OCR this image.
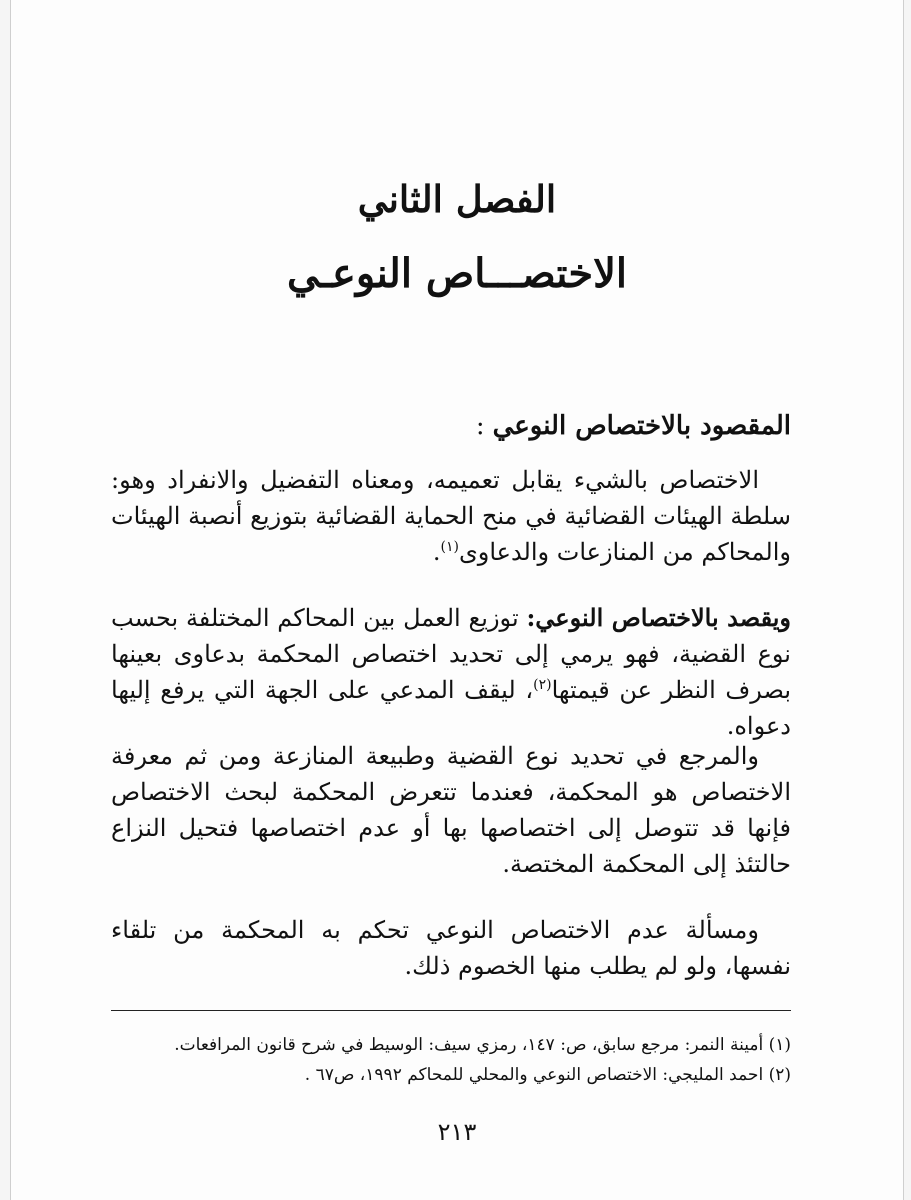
الفصل الثاني
الاختصـــاص النوعـي

المقصود بالاختصاص النوعي:

الاختصاص بالشيء يقابل تعميمه، ومعناه التفضيل والانفراد وهو: سلطة الهيئات القضائية في منح الحماية القضائية بتوزيع أنصبة الهيئات والمحاكم من المنازعات والدعاوى$^{(١)}$.

ويقصد بالاختصاص النوعي: توزيع العمل بين المحاكم المختلفة بحسب نوع القضية، فهو يرمي إلى تحديد اختصاص المحكمة بدعاوى بعينها بصرف النظر عن قيمتها$^{(٢)}$، ليقف المدعي على الجهة التي يرفع إليها دعواه.

والمرجع في تحديد نوع القضية وطبيعة المنازعة ومن ثم معرفة الاختصاص هو المحكمة، فعندما تتعرض المحكمة لبحث الاختصاص فإنها قد تتوصل إلى اختصاصها بها أو عدم اختصاصها فتحيل النزاع حالتئذ إلى المحكمة المختصة.

ومسألة عدم الاختصاص النوعي تحكم به المحكمة من تلقاء نفسها، ولو لم يطلب منها الخصوم ذلك.

(١) أمينة النمر: مرجع سابق، ص: ١٤٧، رمزي سيف: الوسيط في شرح قانون المرافعات.

(٢) احمد المليجي: الاختصاص النوعي والمحلي للمحاكم ١٩٩٢، ص٦٧ .

٢١٣
